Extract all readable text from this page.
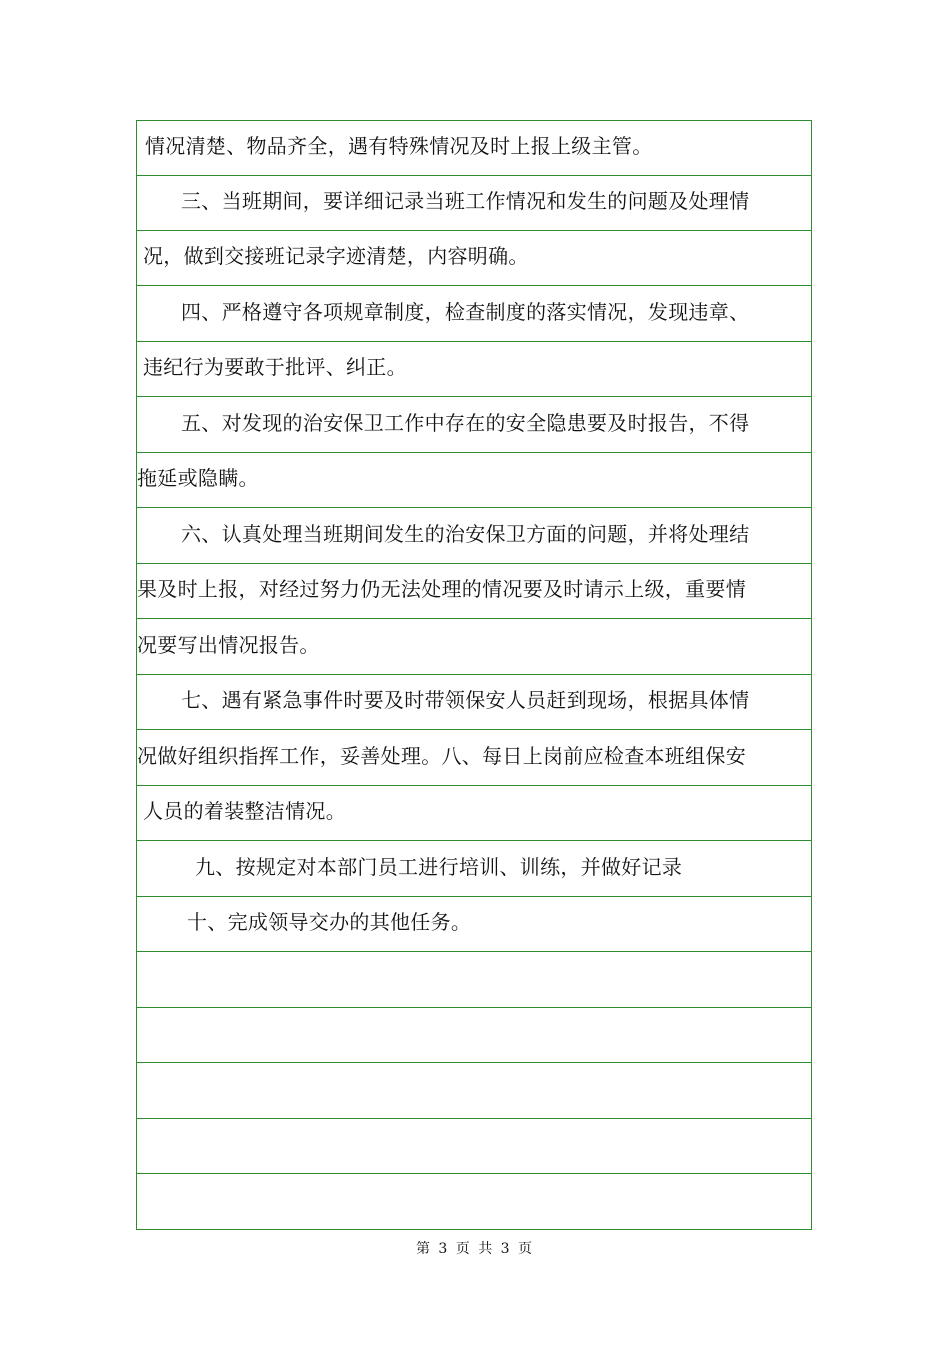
情况清楚、物品齐全，遇有特殊情况及时上报上级主管。
三、当班期间，要详细记录当班工作情况和发生的问题及处理情
况，做到交接班记录字迹清楚，内容明确。
四、严格遵守各项规章制度，检查制度的落实情况，发现违章、
违纪行为要敢于批评、纠正。
五、对发现的治安保卫工作中存在的安全隐患要及时报告，不得
拖延或隐瞒。
六、认真处理当班期间发生的治安保卫方面的问题，并将处理结
果及时上报，对经过努力仍无法处理的情况要及时请示上级，重要情
况要写出情况报告。
七、遇有紧急事件时要及时带领保安人员赶到现场，根据具体情
况做好组织指挥工作，妥善处理。八、每日上岗前应检查本班组保安
人员的着装整洁情况。
九、按规定对本部门员工进行培训、训练，并做好记录
十、完成领导交办的其他任务。
第 3 页 共 3 页
